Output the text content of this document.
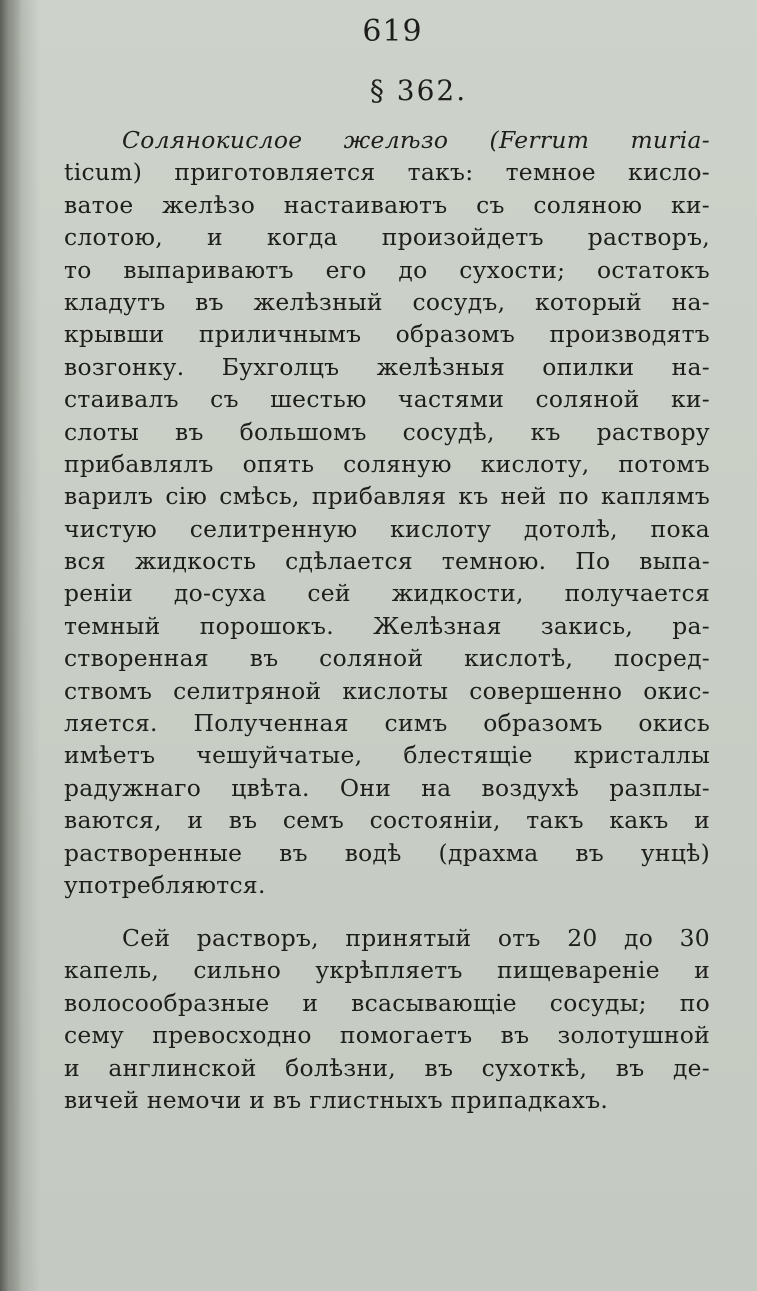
619
§ 362.
Солянокислое желѣзо (Ferrum muria-
ticum) приготовляется такъ: темное кисло-
ватое желѣзо настаиваютъ съ соляною ки-
слотою, и когда произойдетъ растворъ,
то выпариваютъ его до сухости; остатокъ
кладутъ въ желѣзный сосудъ, который на-
крывши приличнымъ образомъ производятъ
возгонку. Бухголцъ желѣзныя опилки на-
стаивалъ съ шестью частями соляной ки-
слоты въ большомъ сосудѣ, къ раствору
прибавлялъ опять соляную кислоту, потомъ
варилъ сію смѣсь, прибавляя къ ней по каплямъ
чистую селитренную кислоту дотолѣ, пока
вся жидкость сдѣлается темною. По выпа-
реніи до-суха сей жидкости, получается
темный порошокъ. Желѣзная закись, ра-
створенная въ соляной кислотѣ, посред-
ствомъ селитряной кислоты совершенно окис-
ляется. Полученная симъ образомъ окись
имѣетъ чешуйчатые, блестящіе кристаллы
радужнаго цвѣта. Они на воздухѣ разплы-
ваются, и въ семъ состояніи, такъ какъ и
растворенные въ водѣ (драхма въ унцѣ)
употребляются.
Сей растворъ, принятый отъ 20 до 30
капель, сильно укрѣпляетъ пищевареніе и
волосообразные и всасывающіе сосуды; по
сему превосходно помогаетъ въ золотушной
и англинской болѣзни, въ сухоткѣ, въ де-
вичей немочи и въ глистныхъ припадкахъ.
